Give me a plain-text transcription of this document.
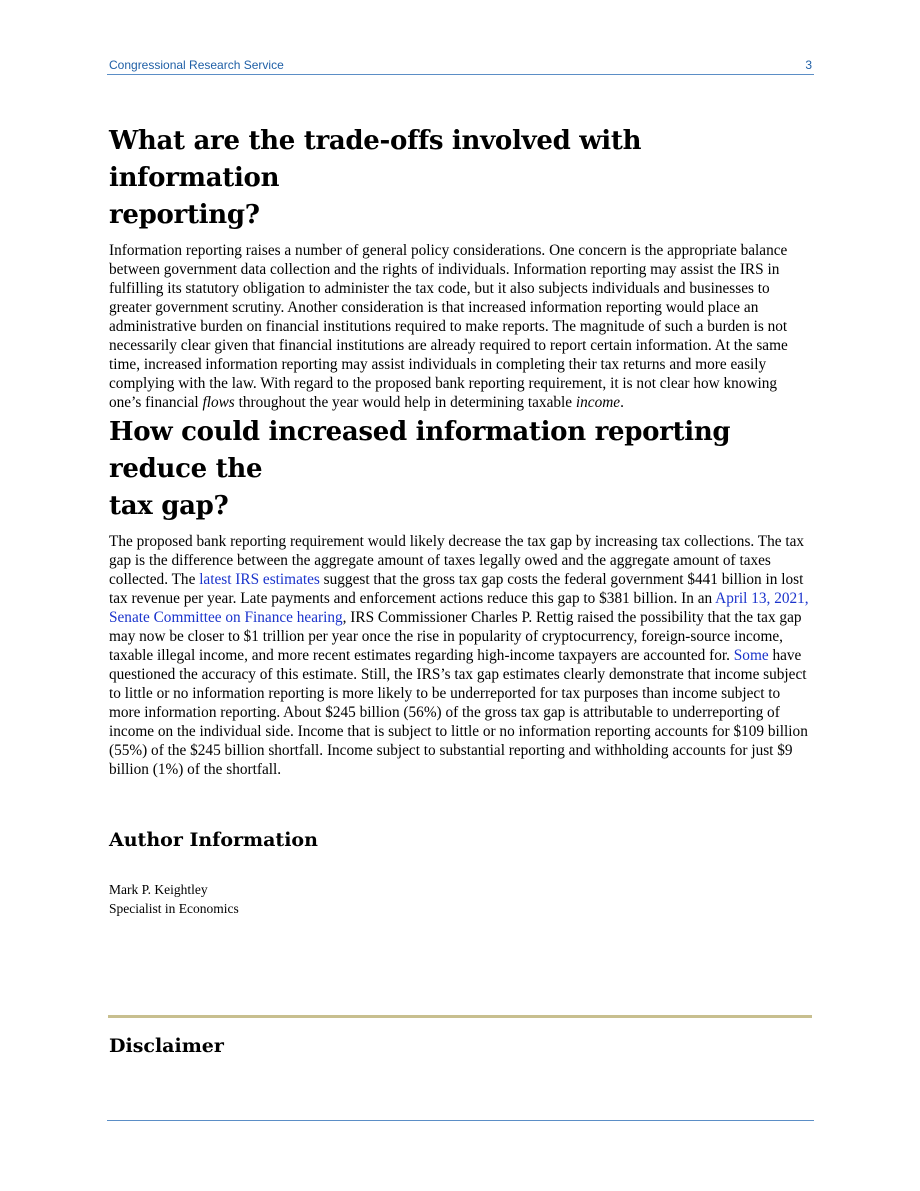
Congressional Research Service	3
What are the trade-offs involved with information
reporting?

Information reporting raises a number of general policy considerations. One concern is the appropriate balance between government data collection and the rights of individuals. Information reporting may assist the IRS in fulfilling its statutory obligation to administer the tax code, but it also subjects individuals and businesses to greater government scrutiny. Another consideration is that increased information reporting would place an administrative burden on financial institutions required to make reports. The magnitude of such a burden is not necessarily clear given that financial institutions are already required to report certain information. At the same time, increased information reporting may assist individuals in completing their tax returns and more easily complying with the law. With regard to the proposed bank reporting requirement, it is not clear how knowing one’s financial flows throughout the year would help in determining taxable income.

How could increased information reporting reduce the
tax gap?

The proposed bank reporting requirement would likely decrease the tax gap by increasing tax collections. The tax gap is the difference between the aggregate amount of taxes legally owed and the aggregate amount of taxes collected. The latest IRS estimates suggest that the gross tax gap costs the federal government $441 billion in lost tax revenue per year. Late payments and enforcement actions reduce this gap to $381 billion. In an April 13, 2021, Senate Committee on Finance hearing, IRS Commissioner Charles P. Rettig raised the possibility that the tax gap may now be closer to $1 trillion per year once the rise in popularity of cryptocurrency, foreign-source income, taxable illegal income, and more recent estimates regarding high-income taxpayers are accounted for. Some have questioned the accuracy of this estimate. Still, the IRS’s tax gap estimates clearly demonstrate that income subject to little or no information reporting is more likely to be underreported for tax purposes than income subject to more information reporting. About $245 billion (56%) of the gross tax gap is attributable to underreporting of income on the individual side. Income that is subject to little or no information reporting accounts for $109 billion (55%) of the $245 billion shortfall. Income subject to substantial reporting and withholding accounts for just $9 billion (1%) of the shortfall.

Author Information
Mark P. Keightley
Specialist in Economics
Disclaimer
